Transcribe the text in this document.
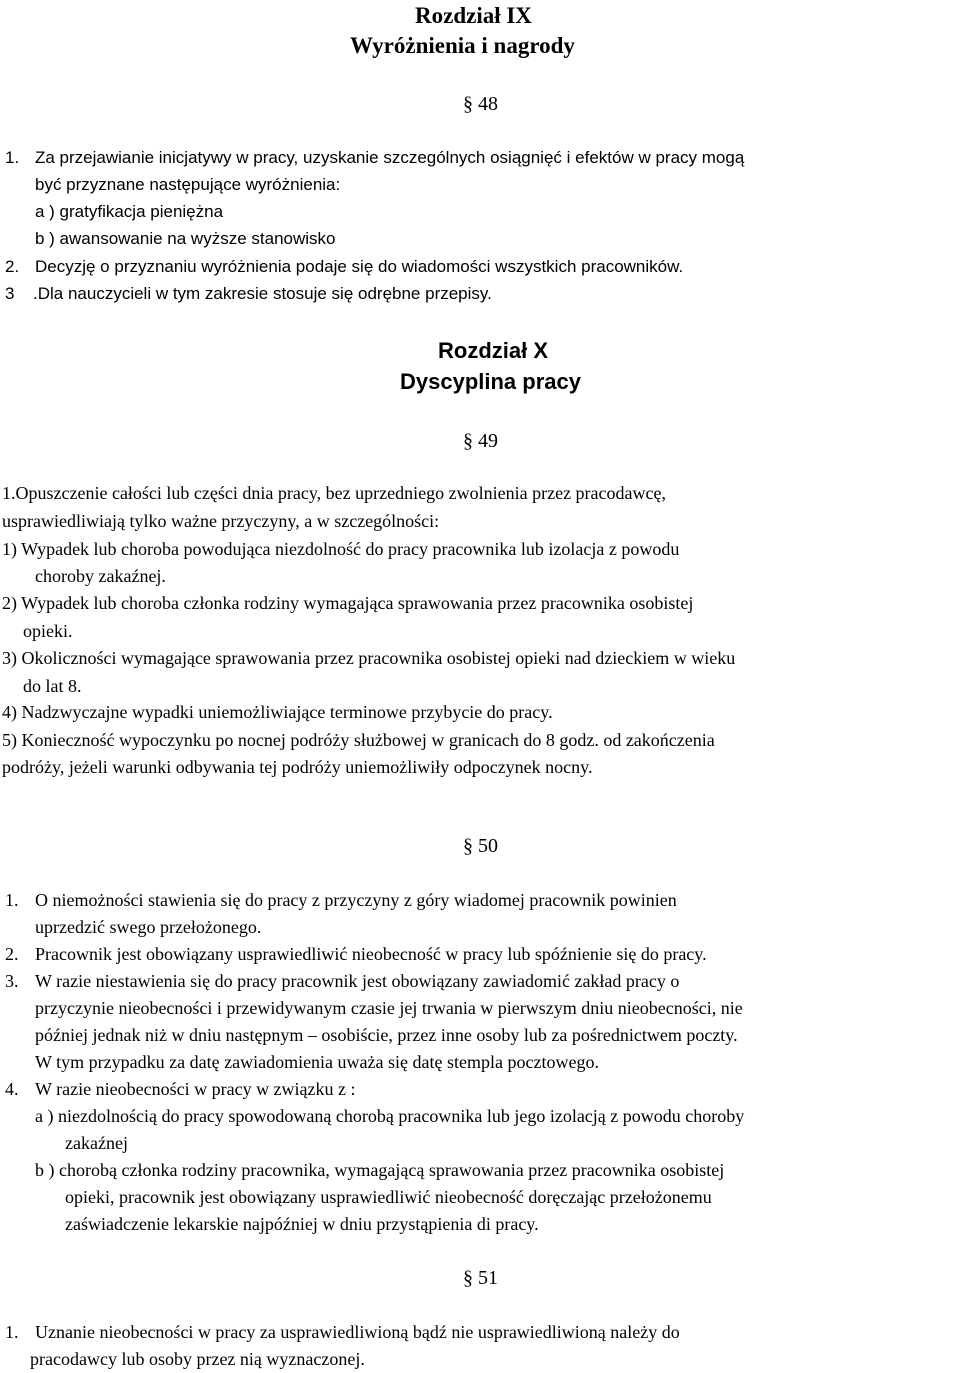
Rozdział IX
Wyróżnienia i nagrody
§ 48
1. Za przejawianie inicjatywy w pracy, uzyskanie szczególnych osiągnięć i efektów w pracy mogą
być przyznane następujące wyróżnienia:
a ) gratyfikacja pieniężna
b ) awansowanie na wyższe stanowisko
2. Decyzję o przyznaniu wyróżnienia podaje się do wiadomości wszystkich pracowników.
3 .Dla nauczycieli w tym zakresie stosuje się odrębne przepisy.
Rozdział X
Dyscyplina pracy
§ 49
1.Opuszczenie całości lub części dnia pracy, bez uprzedniego zwolnienia przez pracodawcę,
usprawiedliwiają tylko ważne przyczyny, a w szczególności:
1) Wypadek lub choroba powodująca niezdolność do pracy pracownika lub izolacja z powodu
choroby zakaźnej.
2) Wypadek lub choroba członka rodziny wymagająca sprawowania przez pracownika osobistej
opieki.
3) Okoliczności wymagające sprawowania przez pracownika osobistej opieki nad dzieckiem w wieku
do lat 8.
4) Nadzwyczajne wypadki uniemożliwiające terminowe przybycie do pracy.
5) Konieczność wypoczynku po nocnej podróży służbowej w granicach do 8 godz. od zakończenia
podróży, jeżeli warunki odbywania tej podróży uniemożliwiły odpoczynek nocny.
§ 50
1. O niemożności stawienia się do pracy z przyczyny z góry wiadomej pracownik powinien
uprzedzić swego przełożonego.
2. Pracownik jest obowiązany usprawiedliwić nieobecność w pracy lub spóźnienie się do pracy.
3. W razie niestawienia się do pracy pracownik jest obowiązany zawiadomić zakład pracy o
przyczynie nieobecności i przewidywanym czasie jej trwania w pierwszym dniu nieobecności, nie
później jednak niż w dniu następnym – osobiście, przez inne osoby lub za pośrednictwem poczty.
W tym przypadku za datę zawiadomienia uważa się datę stempla pocztowego.
4. W razie nieobecności w pracy w związku z :
a ) niezdolnością do pracy spowodowaną chorobą pracownika lub jego izolacją z powodu choroby
zakaźnej
b ) chorobą członka rodziny pracownika, wymagającą sprawowania przez pracownika osobistej
opieki, pracownik jest obowiązany usprawiedliwić nieobecność doręczając przełożonemu
zaświadczenie lekarskie najpóźniej w dniu przystąpienia di pracy.
§ 51
1. Uznanie nieobecności w pracy za usprawiedliwioną bądź nie usprawiedliwioną należy do
pracodawcy lub osoby przez nią wyznaczonej.
